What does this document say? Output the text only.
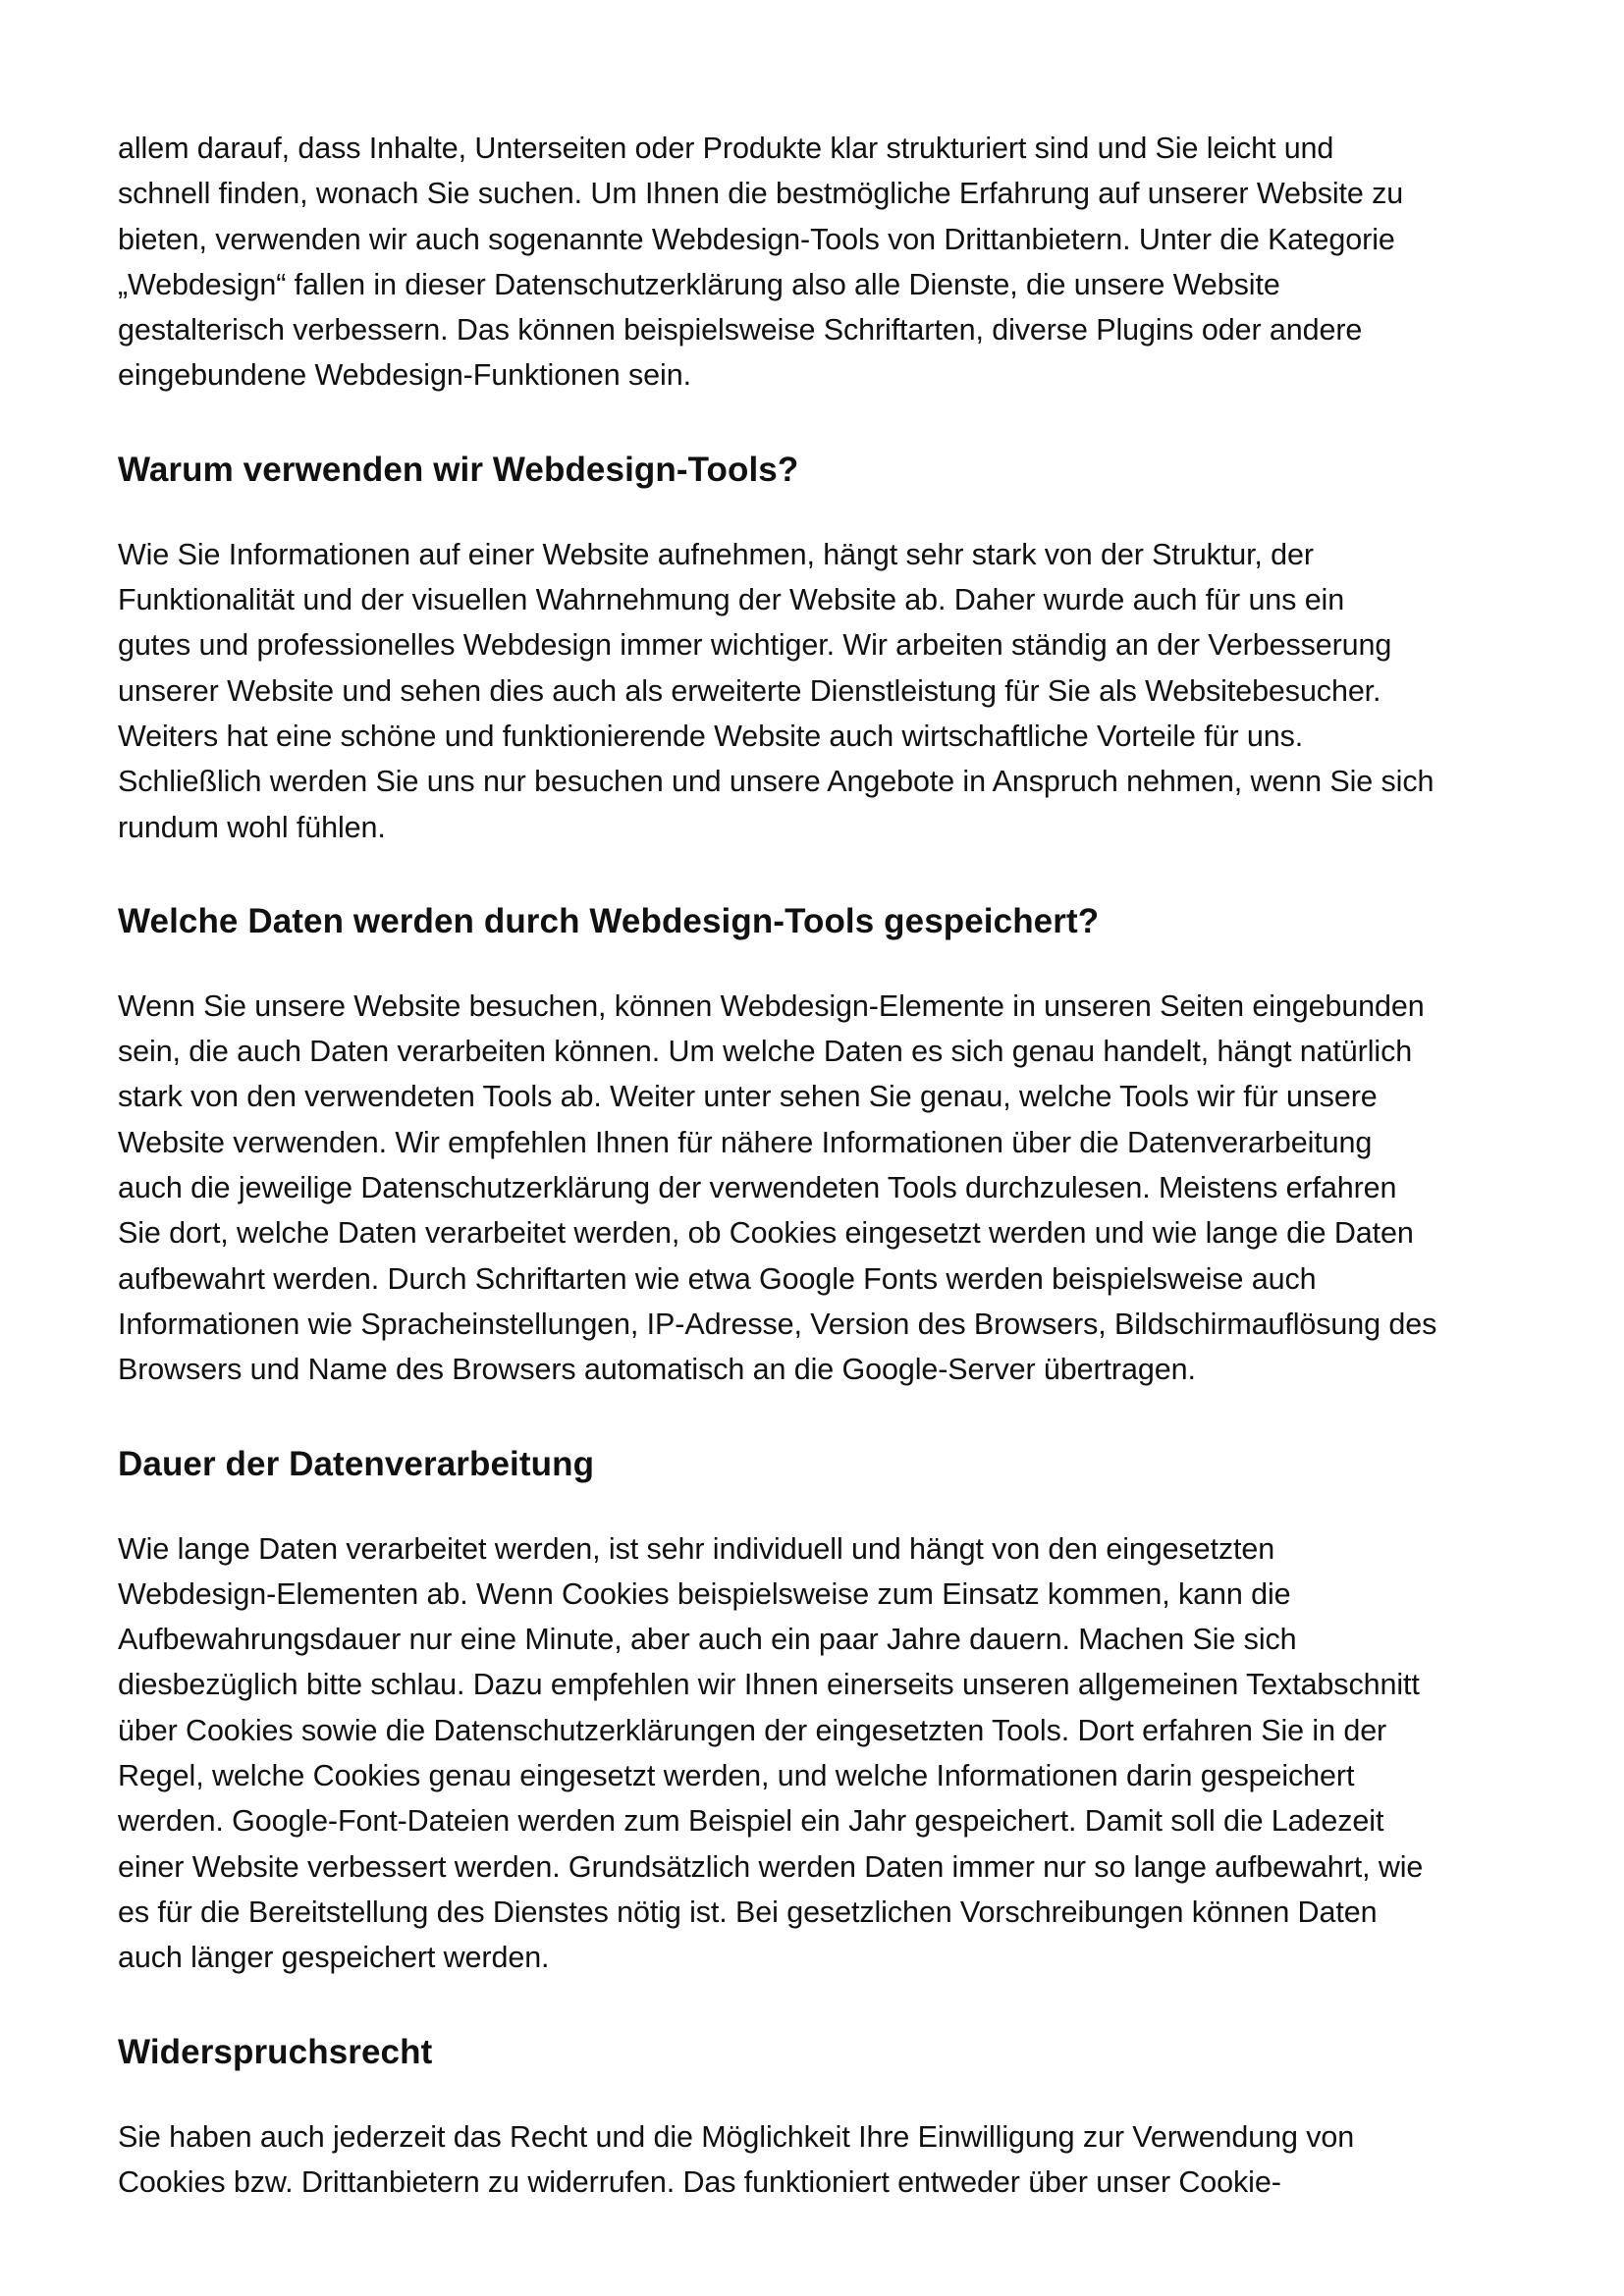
allem darauf, dass Inhalte, Unterseiten oder Produkte klar strukturiert sind und Sie leicht und
schnell finden, wonach Sie suchen. Um Ihnen die bestmögliche Erfahrung auf unserer Website zu
bieten, verwenden wir auch sogenannte Webdesign-Tools von Drittanbietern. Unter die Kategorie
„Webdesign“ fallen in dieser Datenschutzerklärung also alle Dienste, die unsere Website
gestalterisch verbessern. Das können beispielsweise Schriftarten, diverse Plugins oder andere
eingebundene Webdesign-Funktionen sein.
Warum verwenden wir Webdesign-Tools?
Wie Sie Informationen auf einer Website aufnehmen, hängt sehr stark von der Struktur, der
Funktionalität und der visuellen Wahrnehmung der Website ab. Daher wurde auch für uns ein
gutes und professionelles Webdesign immer wichtiger. Wir arbeiten ständig an der Verbesserung
unserer Website und sehen dies auch als erweiterte Dienstleistung für Sie als Websitebesucher.
Weiters hat eine schöne und funktionierende Website auch wirtschaftliche Vorteile für uns.
Schließlich werden Sie uns nur besuchen und unsere Angebote in Anspruch nehmen, wenn Sie sich
rundum wohl fühlen.
Welche Daten werden durch Webdesign-Tools gespeichert?
Wenn Sie unsere Website besuchen, können Webdesign-Elemente in unseren Seiten eingebunden
sein, die auch Daten verarbeiten können. Um welche Daten es sich genau handelt, hängt natürlich
stark von den verwendeten Tools ab. Weiter unter sehen Sie genau, welche Tools wir für unsere
Website verwenden. Wir empfehlen Ihnen für nähere Informationen über die Datenverarbeitung
auch die jeweilige Datenschutzerklärung der verwendeten Tools durchzulesen. Meistens erfahren
Sie dort, welche Daten verarbeitet werden, ob Cookies eingesetzt werden und wie lange die Daten
aufbewahrt werden. Durch Schriftarten wie etwa Google Fonts werden beispielsweise auch
Informationen wie Spracheinstellungen, IP-Adresse, Version des Browsers, Bildschirmauflösung des
Browsers und Name des Browsers automatisch an die Google-Server übertragen.
Dauer der Datenverarbeitung
Wie lange Daten verarbeitet werden, ist sehr individuell und hängt von den eingesetzten
Webdesign-Elementen ab. Wenn Cookies beispielsweise zum Einsatz kommen, kann die
Aufbewahrungsdauer nur eine Minute, aber auch ein paar Jahre dauern. Machen Sie sich
diesbezüglich bitte schlau. Dazu empfehlen wir Ihnen einerseits unseren allgemeinen Textabschnitt
über Cookies sowie die Datenschutzerklärungen der eingesetzten Tools. Dort erfahren Sie in der
Regel, welche Cookies genau eingesetzt werden, und welche Informationen darin gespeichert
werden. Google-Font-Dateien werden zum Beispiel ein Jahr gespeichert. Damit soll die Ladezeit
einer Website verbessert werden. Grundsätzlich werden Daten immer nur so lange aufbewahrt, wie
es für die Bereitstellung des Dienstes nötig ist. Bei gesetzlichen Vorschreibungen können Daten
auch länger gespeichert werden.
Widerspruchsrecht
Sie haben auch jederzeit das Recht und die Möglichkeit Ihre Einwilligung zur Verwendung von
Cookies bzw. Drittanbietern zu widerrufen. Das funktioniert entweder über unser Cookie-
